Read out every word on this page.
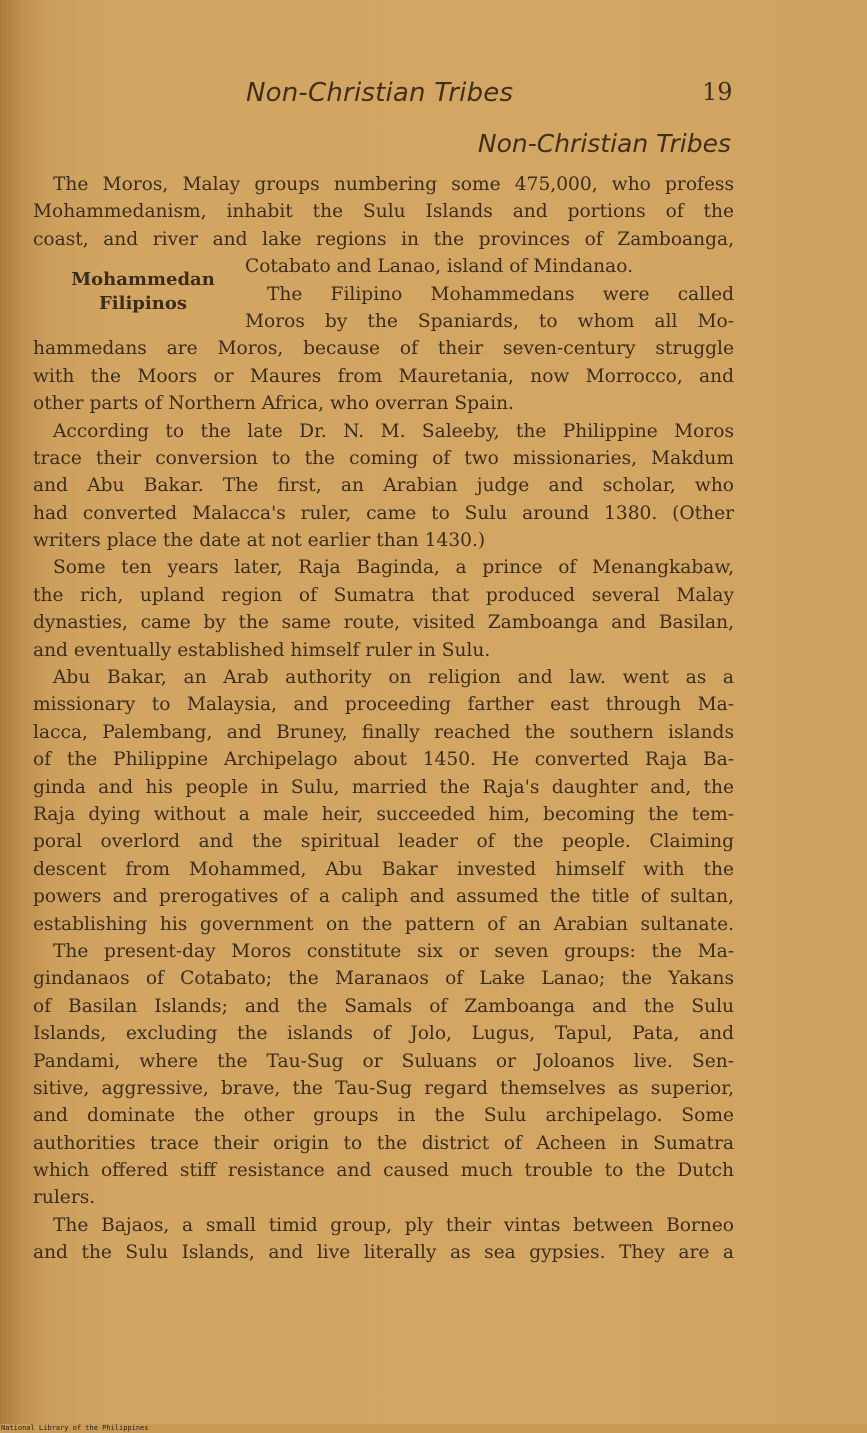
Non-Christian Tribes	19
Non-Christian Tribes
Mohammedan
Filipinos
The Moros, Malay groups numbering some 475,000, who profess
Mohammedanism, inhabit the Sulu Islands and portions of the
coast, and river and lake regions in the provinces of Zamboanga,
Cotabato and Lanao, island of Mindanao.
The Filipino Mohammedans were called
Moros by the Spaniards, to whom all Mo-
hammedans are Moros, because of their seven-century struggle
with the Moors or Maures from Mauretania, now Morrocco, and
other parts of Northern Africa, who overran Spain.
According to the late Dr. N. M. Saleeby, the Philippine Moros
trace their conversion to the coming of two missionaries, Makdum
and Abu Bakar. The first, an Arabian judge and scholar, who
had converted Malacca's ruler, came to Sulu around 1380. (Other
writers place the date at not earlier than 1430.)
Some ten years later, Raja Baginda, a prince of Menangkabaw,
the rich, upland region of Sumatra that produced several Malay
dynasties, came by the same route, visited Zamboanga and Basilan,
and eventually established himself ruler in Sulu.
Abu Bakar, an Arab authority on religion and law. went as a
missionary to Malaysia, and proceeding farther east through Ma-
lacca, Palembang, and Bruney, finally reached the southern islands
of the Philippine Archipelago about 1450. He converted Raja Ba-
ginda and his people in Sulu, married the Raja's daughter and, the
Raja dying without a male heir, succeeded him, becoming the tem-
poral overlord and the spiritual leader of the people. Claiming
descent from Mohammed, Abu Bakar invested himself with the
powers and prerogatives of a caliph and assumed the title of sultan,
establishing his government on the pattern of an Arabian sultanate.
The present-day Moros constitute six or seven groups: the Ma-
gindanaos of Cotabato; the Maranaos of Lake Lanao; the Yakans
of Basilan Islands; and the Samals of Zamboanga and the Sulu
Islands, excluding the islands of Jolo, Lugus, Tapul, Pata, and
Pandami, where the Tau-Sug or Suluans or Joloanos live. Sen-
sitive, aggressive, brave, the Tau-Sug regard themselves as superior,
and dominate the other groups in the Sulu archipelago. Some
authorities trace their origin to the district of Acheen in Sumatra
which offered stiff resistance and caused much trouble to the Dutch
rulers.
The Bajaos, a small timid group, ply their vintas between Borneo
and the Sulu Islands, and live literally as sea gypsies. They are a
National Library of the Philippines
